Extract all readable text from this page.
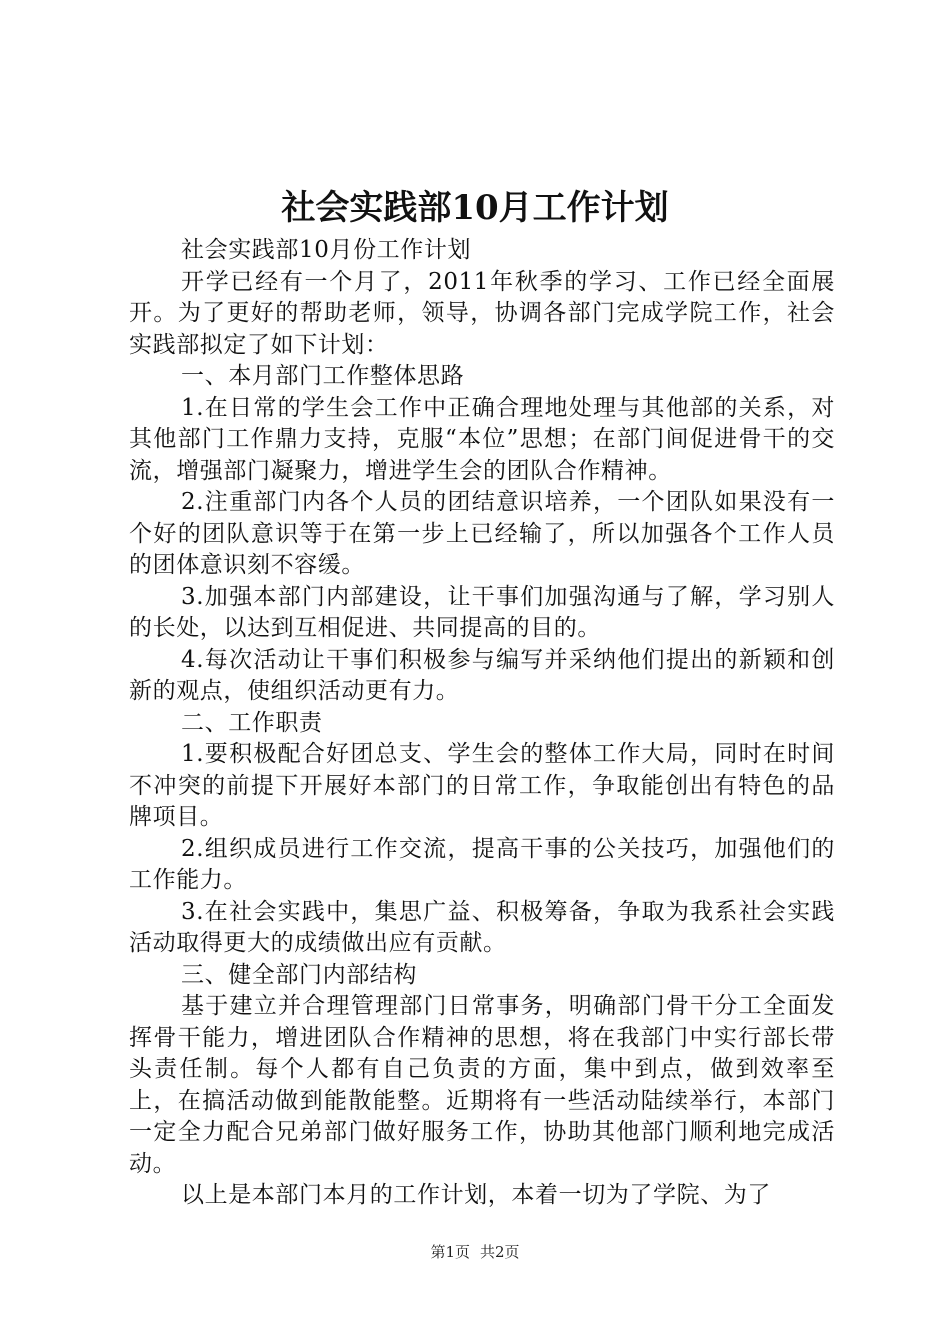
社会实践部10月工作计划

社会实践部10月份工作计划

开学已经有一个月了，2011年秋季的学习、工作已经全面展开。为了更好的帮助老师，领导，协调各部门完成学院工作，社会实践部拟定了如下计划：

一、本月部门工作整体思路

1.在日常的学生会工作中正确合理地处理与其他部的关系，对其他部门工作鼎力支持，克服“本位”思想；在部门间促进骨干的交流，增强部门凝聚力，增进学生会的团队合作精神。

2.注重部门内各个人员的团结意识培养，一个团队如果没有一个好的团队意识等于在第一步上已经输了，所以加强各个工作人员的团体意识刻不容缓。

3.加强本部门内部建设，让干事们加强沟通与了解，学习别人的长处，以达到互相促进、共同提高的目的。

4.每次活动让干事们积极参与编写并采纳他们提出的新颖和创新的观点，使组织活动更有力。

二、工作职责

1.要积极配合好团总支、学生会的整体工作大局，同时在时间不冲突的前提下开展好本部门的日常工作，争取能创出有特色的品牌项目。

2.组织成员进行工作交流，提高干事的公关技巧，加强他们的工作能力。

3.在社会实践中，集思广益、积极筹备，争取为我系社会实践活动取得更大的成绩做出应有贡献。

三、健全部门内部结构

基于建立并合理管理部门日常事务，明确部门骨干分工全面发挥骨干能力，增进团队合作精神的思想，将在我部门中实行部长带头责任制。每个人都有自己负责的方面，集中到点，做到效率至上，在搞活动做到能散能整。近期将有一些活动陆续举行，本部门一定全力配合兄弟部门做好服务工作，协助其他部门顺利地完成活动。

以上是本部门本月的工作计划，本着一切为了学院、为了

第1页 共2页
